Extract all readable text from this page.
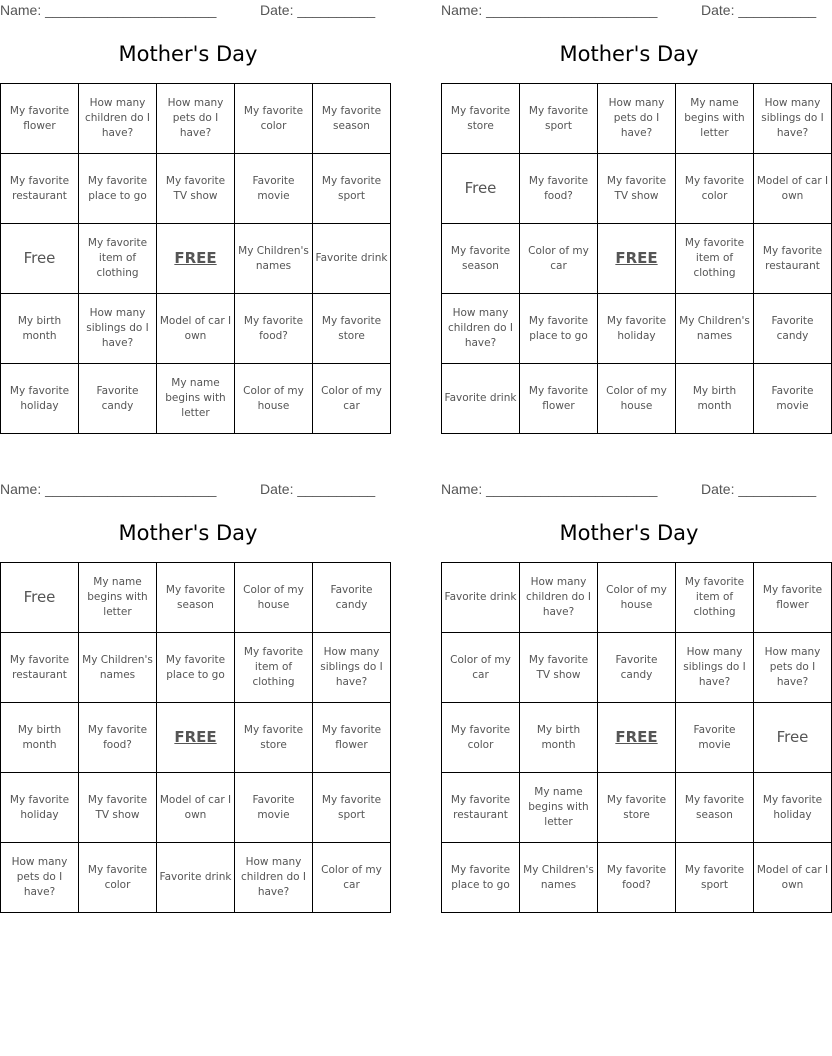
Name: ______________________	Date: __________
Mother's Day
My favorite flower	How many children do I have?	How many pets do I have?	My favorite color	My favorite season
My favorite restaurant	My favorite place to go	My favorite TV show	Favorite movie	My favorite sport
Free	My favorite item of clothing	FREE	My Children's names	Favorite drink
My birth month	How many siblings do I have?	Model of car I own	My favorite food?	My favorite store
My favorite holiday	Favorite candy	My name begins with letter	Color of my house	Color of my car
Name: ______________________	Date: __________
Mother's Day
My favorite store	My favorite sport	How many pets do I have?	My name begins with letter	How many siblings do I have?
Free	My favorite food?	My favorite TV show	My favorite color	Model of car I own
My favorite season	Color of my car	FREE	My favorite item of clothing	My favorite restaurant
How many children do I have?	My favorite place to go	My favorite holiday	My Children's names	Favorite candy
Favorite drink	My favorite flower	Color of my house	My birth month	Favorite movie
Name: ______________________	Date: __________
Mother's Day
Free	My name begins with letter	My favorite season	Color of my house	Favorite candy
My favorite restaurant	My Children's names	My favorite place to go	My favorite item of clothing	How many siblings do I have?
My birth month	My favorite food?	FREE	My favorite store	My favorite flower
My favorite holiday	My favorite TV show	Model of car I own	Favorite movie	My favorite sport
How many pets do I have?	My favorite color	Favorite drink	How many children do I have?	Color of my car
Name: ______________________	Date: __________
Mother's Day
Favorite drink	How many children do I have?	Color of my house	My favorite item of clothing	My favorite flower
Color of my car	My favorite TV show	Favorite candy	How many siblings do I have?	How many pets do I have?
My favorite color	My birth month	FREE	Favorite movie	Free
My favorite restaurant	My name begins with letter	My favorite store	My favorite season	My favorite holiday
My favorite place to go	My Children's names	My favorite food?	My favorite sport	Model of car I own
